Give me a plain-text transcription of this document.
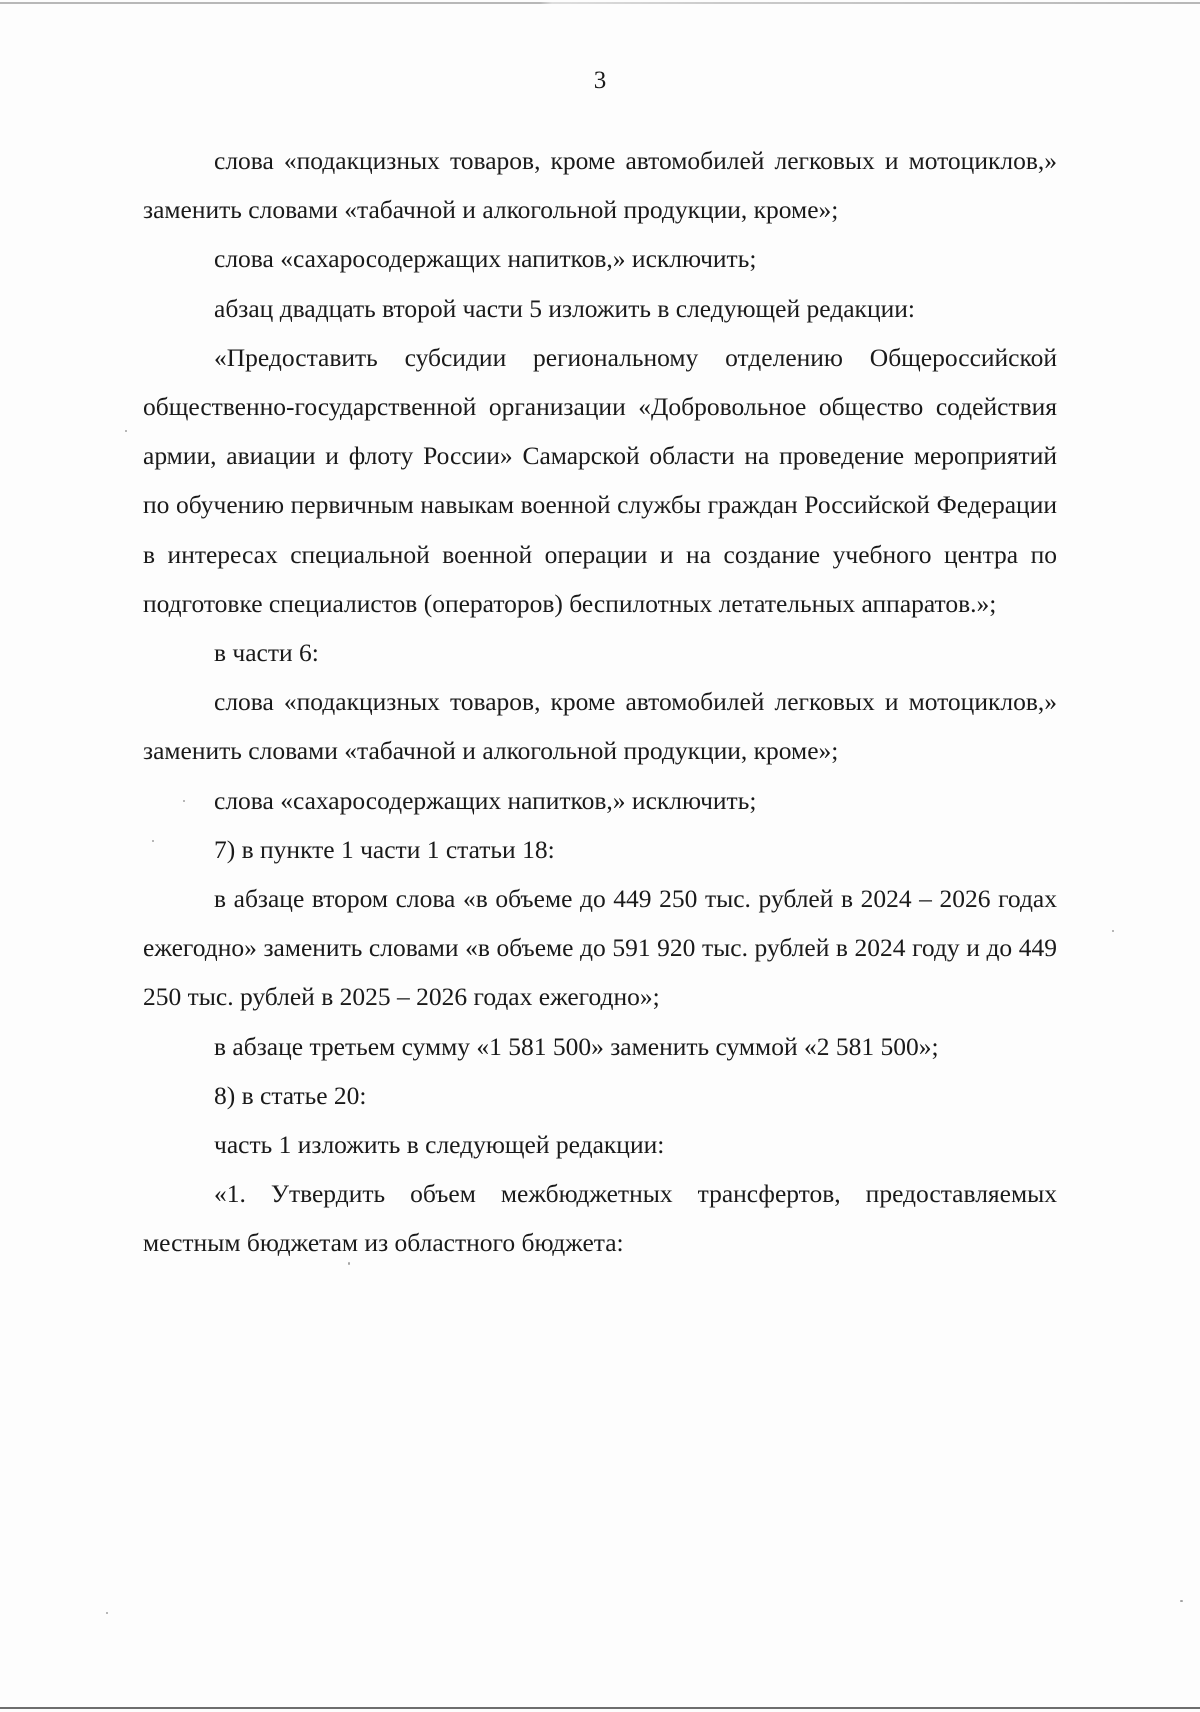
3

слова «подакцизных товаров, кроме автомобилей легковых и мотоциклов,» заменить словами «табачной и алкогольной продукции, кроме»;

слова «сахаросодержащих напитков,» исключить;

абзац двадцать второй части 5 изложить в следующей редакции:

«Предоставить субсидии региональному отделению Общероссийской общественно-государственной организации «Добровольное общество содействия армии, авиации и флоту России» Самарской области на проведение мероприятий по обучению первичным навыкам военной службы граждан Российской Федерации в интересах специальной военной операции и на создание учебного центра по подготовке специалистов (операторов) беспилотных летательных аппаратов.»;

в части 6:

слова «подакцизных товаров, кроме автомобилей легковых и мотоциклов,» заменить словами «табачной и алкогольной продукции, кроме»;

слова «сахаросодержащих напитков,» исключить;

7) в пункте 1 части 1 статьи 18:

в абзаце втором слова «в объеме до 449 250 тыс. рублей в 2024 – 2026 годах ежегодно» заменить словами «в объеме до 591 920 тыс. рублей в 2024 году и до 449 250 тыс. рублей в 2025 – 2026 годах ежегодно»;

в абзаце третьем сумму «1 581 500» заменить суммой «2 581 500»;

8) в статье 20:

часть 1 изложить в следующей редакции:

«1. Утвердить объем межбюджетных трансфертов, предоставляемых местным бюджетам из областного бюджета:
